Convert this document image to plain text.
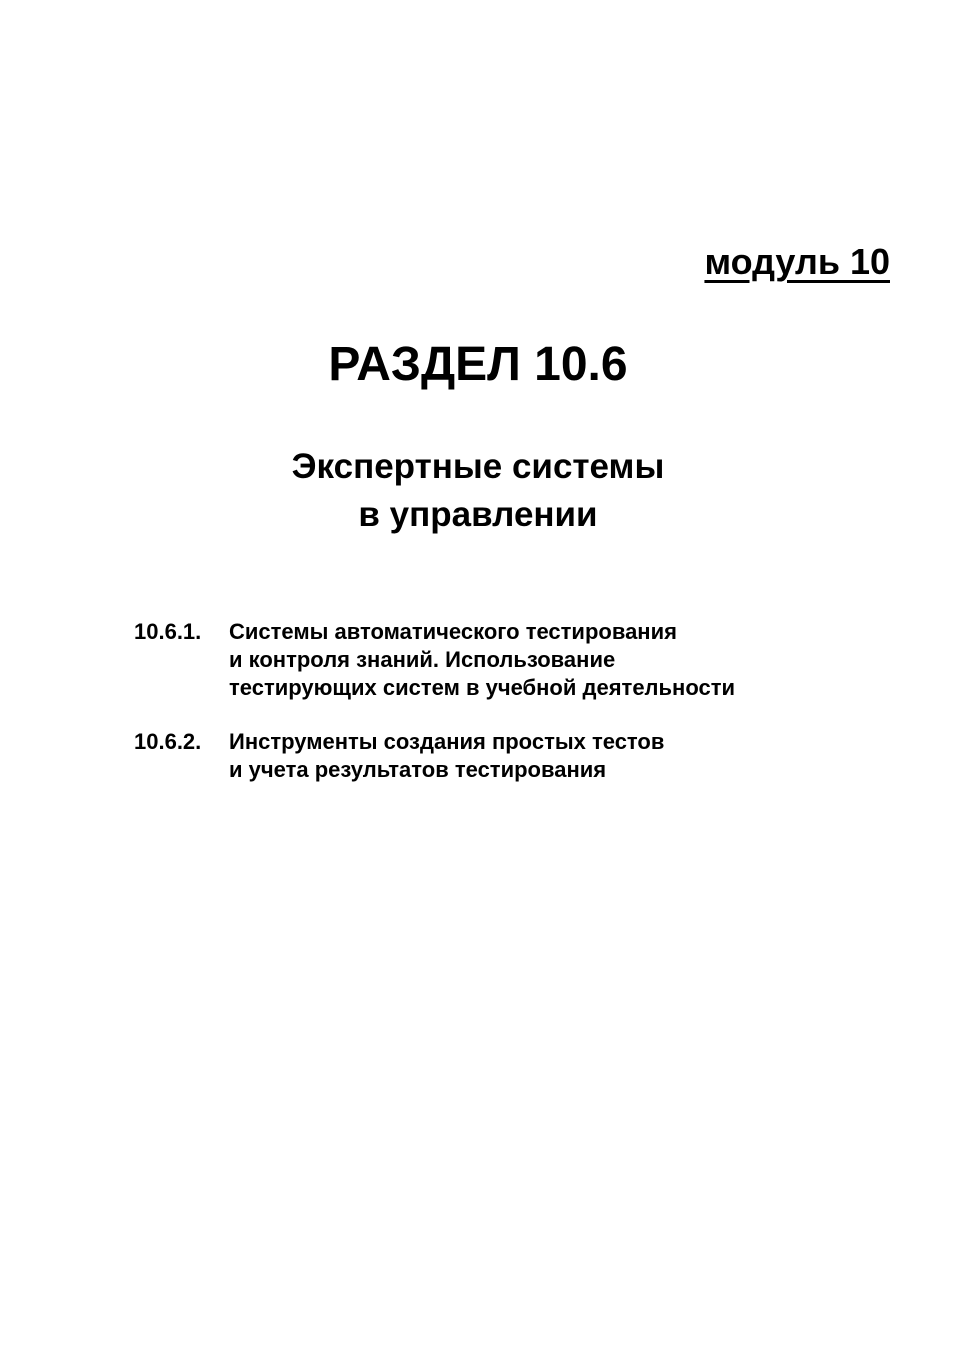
модуль 10
РАЗДЕЛ 10.6
Экспертные системы
в управлении
10.6.1.	Системы автоматического тестирования
и контроля знаний. Использование
тестирующих систем в учебной деятельности
10.6.2.	Инструменты создания простых тестов
и учета результатов тестирования
